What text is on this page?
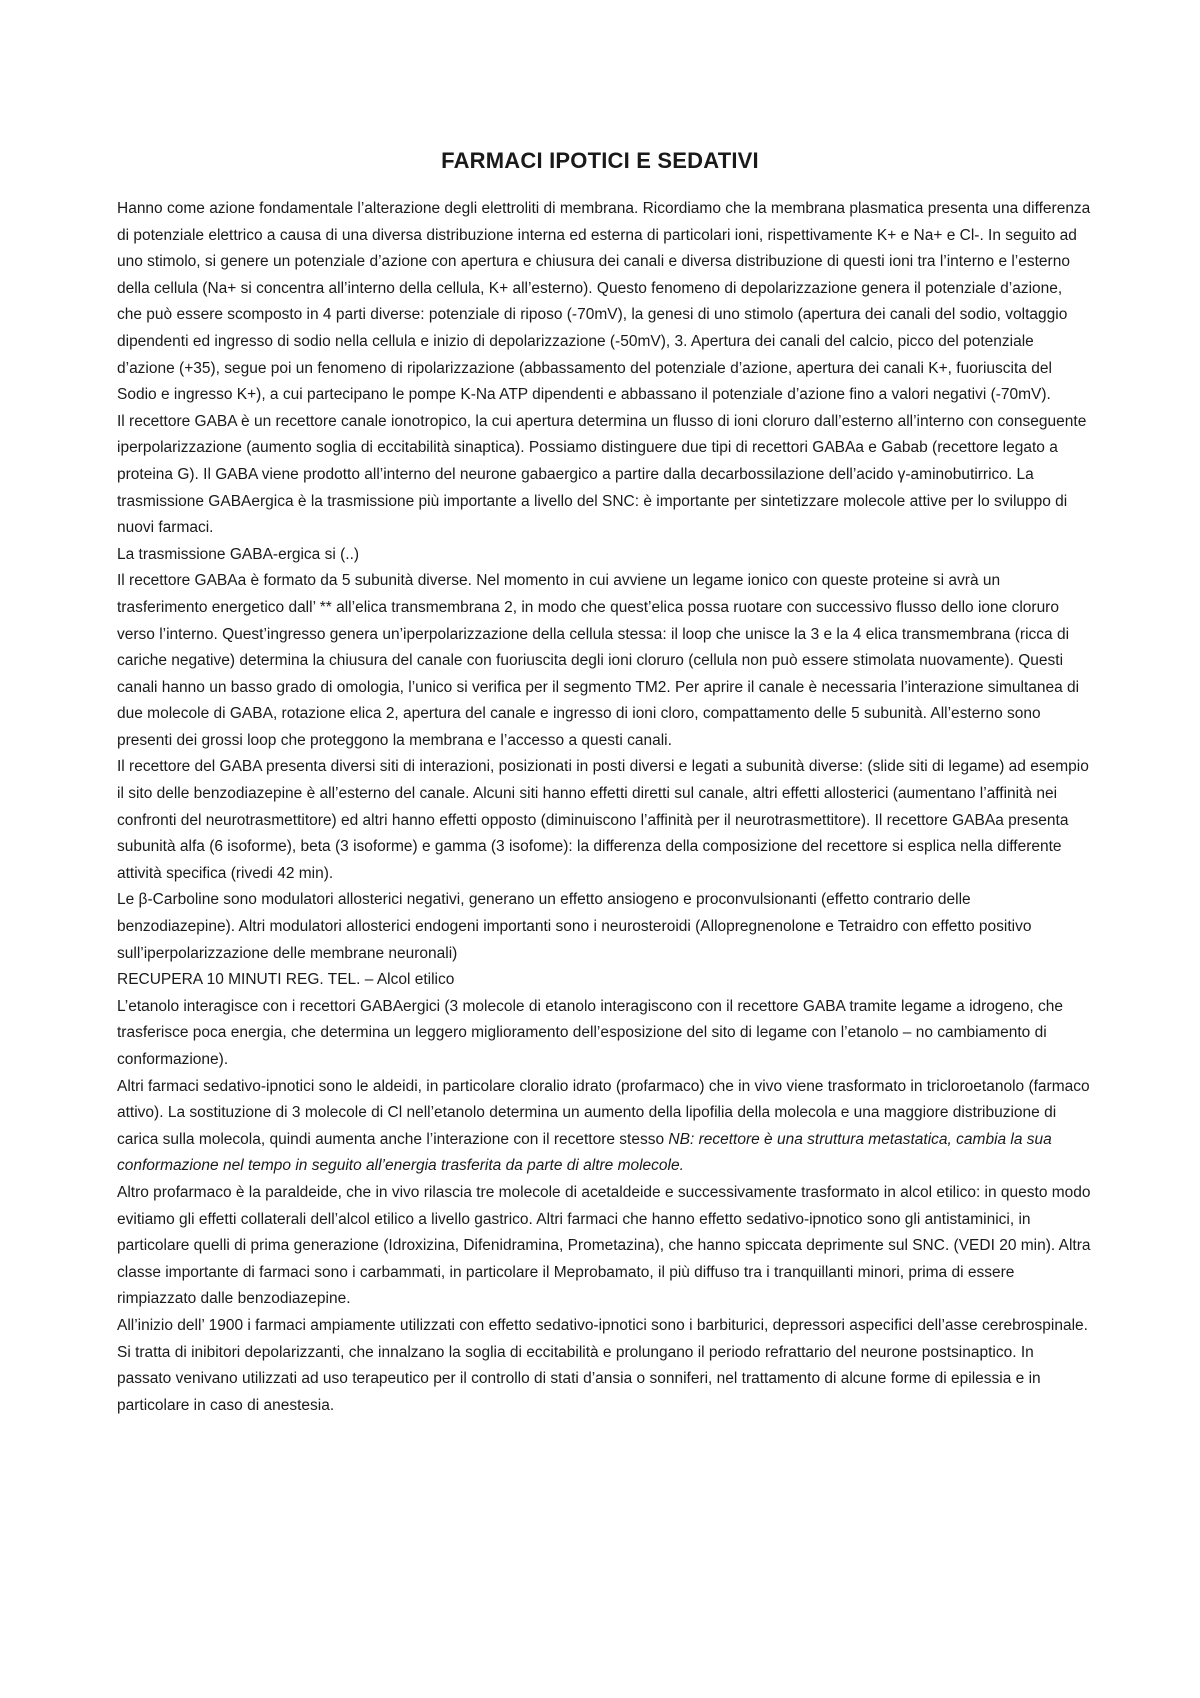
FARMACI IPOTICI E SEDATIVI

Hanno come azione fondamentale l’alterazione degli elettroliti di membrana. Ricordiamo che la membrana plasmatica presenta una differenza di potenziale elettrico a causa di una diversa distribuzione interna ed esterna di particolari ioni, rispettivamente K+ e Na+ e Cl-. In seguito ad uno stimolo, si genere un potenziale d’azione con apertura e chiusura dei canali e diversa distribuzione di questi ioni tra l’interno e l’esterno della cellula (Na+ si concentra all’interno della cellula, K+ all’esterno). Questo fenomeno di depolarizzazione genera il potenziale d’azione, che può essere scomposto in 4 parti diverse: potenziale di riposo (-70mV), la genesi di uno stimolo (apertura dei canali del sodio, voltaggio dipendenti ed ingresso di sodio nella cellula e inizio di depolarizzazione (-50mV), 3. Apertura dei canali del calcio, picco del potenziale d’azione (+35), segue poi un fenomeno di ripolarizzazione (abbassamento del potenziale d’azione, apertura dei canali K+, fuoriuscita del Sodio e ingresso K+), a cui partecipano le pompe K-Na ATP dipendenti e abbassano il potenziale d’azione fino a valori negativi (-70mV).

Il recettore GABA è un recettore canale ionotropico, la cui apertura determina un flusso di ioni cloruro dall’esterno all’interno con conseguente iperpolarizzazione (aumento soglia di eccitabilità sinaptica). Possiamo distinguere due tipi di recettori GABAa e Gabab (recettore legato a proteina G). Il GABA viene prodotto all’interno del neurone gabaergico a partire dalla decarbossilazione dell’acido γ-aminobutirrico. La trasmissione GABAergica è la trasmissione più importante a livello del SNC: è importante per sintetizzare molecole attive per lo sviluppo di nuovi farmaci.

La trasmissione GABA-ergica si (..)

Il recettore GABAa è formato da 5 subunità diverse. Nel momento in cui avviene un legame ionico con queste proteine si avrà un trasferimento energetico dall’ ** all’elica transmembrana 2, in modo che quest’elica possa ruotare con successivo flusso dello ione cloruro verso l’interno. Quest’ingresso genera un’iperpolarizzazione della cellula stessa: il loop che unisce la 3 e la 4 elica transmembrana (ricca di cariche negative) determina la chiusura del canale con fuoriuscita degli ioni cloruro (cellula non può essere stimolata nuovamente). Questi canali hanno un basso grado di omologia, l’unico si verifica per il segmento TM2. Per aprire il canale è necessaria l’interazione simultanea di due molecole di GABA, rotazione elica 2, apertura del canale e ingresso di ioni cloro, compattamento delle 5 subunità. All’esterno sono presenti dei grossi loop che proteggono la membrana e l’accesso a questi canali.

Il recettore del GABA presenta diversi siti di interazioni, posizionati in posti diversi e legati a subunità diverse: (slide siti di legame) ad esempio il sito delle benzodiazepine è all’esterno del canale. Alcuni siti hanno effetti diretti sul canale, altri effetti allosterici (aumentano l’affinità nei confronti del neurotrasmettitore) ed altri hanno effetti opposto (diminuiscono l’affinità per il neurotrasmettitore). Il recettore GABAa presenta subunità alfa (6 isoforme), beta (3 isoforme) e gamma (3 isofome): la differenza della composizione del recettore si esplica nella differente attività specifica (rivedi 42 min).

Le β-Carboline sono modulatori allosterici negativi, generano un effetto ansiogeno e proconvulsionanti (effetto contrario delle benzodiazepine). Altri modulatori allosterici endogeni importanti sono i neurosteroidi (Allopregnenolone e Tetraidro con effetto positivo sull’iperpolarizzazione delle membrane neuronali)

RECUPERA 10 MINUTI REG. TEL. – Alcol etilico

L’etanolo interagisce con i recettori GABAergici (3 molecole di etanolo interagiscono con il recettore GABA tramite legame a idrogeno, che trasferisce poca energia, che determina un leggero miglioramento dell’esposizione del sito di legame con l’etanolo – no cambiamento di conformazione).

Altri farmaci sedativo-ipnotici sono le aldeidi, in particolare cloralio idrato (profarmaco) che in vivo viene trasformato in tricloroetanolo (farmaco attivo). La sostituzione di 3 molecole di Cl nell’etanolo determina un aumento della lipofilia della molecola e una maggiore distribuzione di carica sulla molecola, quindi aumenta anche l’interazione con il recettore stesso NB: recettore è una struttura metastatica, cambia la sua conformazione nel tempo in seguito all’energia trasferita da parte di altre molecole.

Altro profarmaco è la paraldeide, che in vivo rilascia tre molecole di acetaldeide e successivamente trasformato in alcol etilico: in questo modo evitiamo gli effetti collaterali dell’alcol etilico a livello gastrico. Altri farmaci che hanno effetto sedativo-ipnotico sono gli antistaminici, in particolare quelli di prima generazione (Idroxizina, Difenidramina, Prometazina), che hanno spiccata deprimente sul SNC. (VEDI 20 min). Altra classe importante di farmaci sono i carbammati, in particolare il Meprobamato, il più diffuso tra i tranquillanti minori, prima di essere rimpiazzato dalle benzodiazepine.

All’inizio dell’ 1900 i farmaci ampiamente utilizzati con effetto sedativo-ipnotici sono i barbiturici, depressori aspecifici dell’asse cerebrospinale. Si tratta di inibitori depolarizzanti, che innalzano la soglia di eccitabilità e prolungano il periodo refrattario del neurone postsinaptico. In passato venivano utilizzati ad uso terapeutico per il controllo di stati d’ansia o sonniferi, nel trattamento di alcune forme di epilessia e in particolare in caso di anestesia.
